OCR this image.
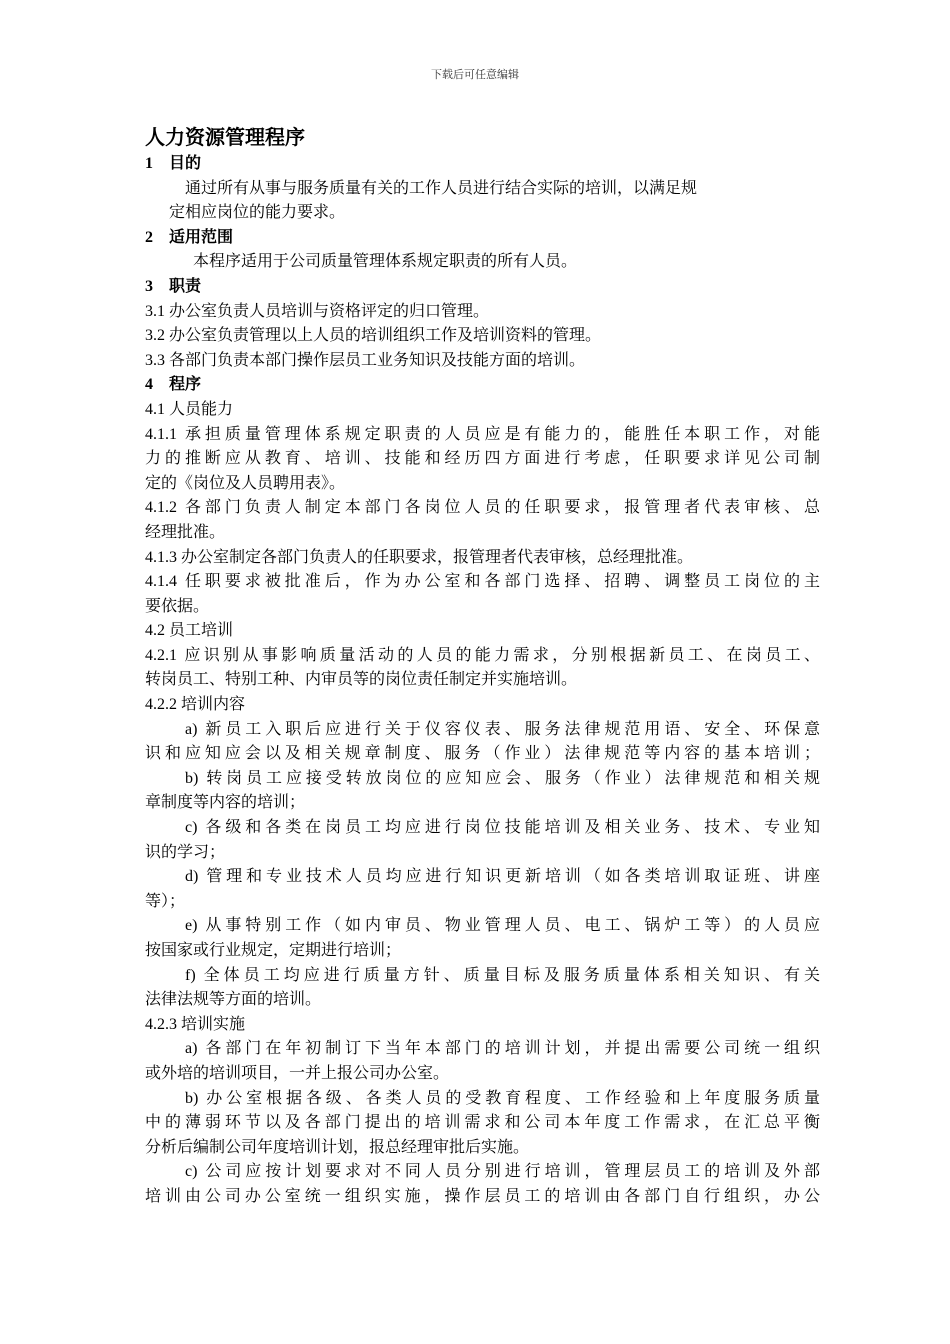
下载后可任意编辑
人力资源管理程序
1　目的
通过所有从事与服务质量有关的工作人员进行结合实际的培训，以满足规
定相应岗位的能力要求。
2　适用范围
本程序适用于公司质量管理体系规定职责的所有人员。
3　职责
3.1 办公室负责人员培训与资格评定的归口管理。
3.2 办公室负责管理以上人员的培训组织工作及培训资料的管理。
3.3 各部门负责本部门操作层员工业务知识及技能方面的培训。
4　程序
4.1 人员能力
4.1.1 承担质量管理体系规定职责的人员应是有能力的，能胜任本职工作，对能
力的推断应从教育、培训、技能和经历四方面进行考虑，任职要求详见公司制
定的《岗位及人员聘用表》。
4.1.2 各部门负责人制定本部门各岗位人员的任职要求，报管理者代表审核、总
经理批准。
4.1.3 办公室制定各部门负责人的任职要求，报管理者代表审核，总经理批准。
4.1.4 任职要求被批准后，作为办公室和各部门选择、招聘、调整员工岗位的主
要依据。
4.2 员工培训
4.2.1 应识别从事影响质量活动的人员的能力需求，分别根据新员工、在岗员工、
转岗员工、特别工种、内审员等的岗位责任制定并实施培训。
4.2.2 培训内容
a) 新员工入职后应进行关于仪容仪表、服务法律规范用语、安全、环保意
识和应知应会以及相关规章制度、服务（作业）法律规范等内容的基本培训；
b) 转岗员工应接受转放岗位的应知应会、服务（作业）法律规范和相关规
章制度等内容的培训；
c) 各级和各类在岗员工均应进行岗位技能培训及相关业务、技术、专业知
识的学习；
d) 管理和专业技术人员均应进行知识更新培训（如各类培训取证班、讲座
等）；
e) 从事特别工作（如内审员、物业管理人员、电工、锅炉工等）的人员应
按国家或行业规定，定期进行培训；
f) 全体员工均应进行质量方针、质量目标及服务质量体系相关知识、有关
法律法规等方面的培训。
4.2.3 培训实施
a) 各部门在年初制订下当年本部门的培训计划，并提出需要公司统一组织
或外培的培训项目，一并上报公司办公室。
b) 办公室根据各级、各类人员的受教育程度、工作经验和上年度服务质量
中的薄弱环节以及各部门提出的培训需求和公司本年度工作需求，在汇总平衡
分析后编制公司年度培训计划，报总经理审批后实施。
c) 公司应按计划要求对不同人员分别进行培训，管理层员工的培训及外部
培训由公司办公室统一组织实施，操作层员工的培训由各部门自行组织，办公
